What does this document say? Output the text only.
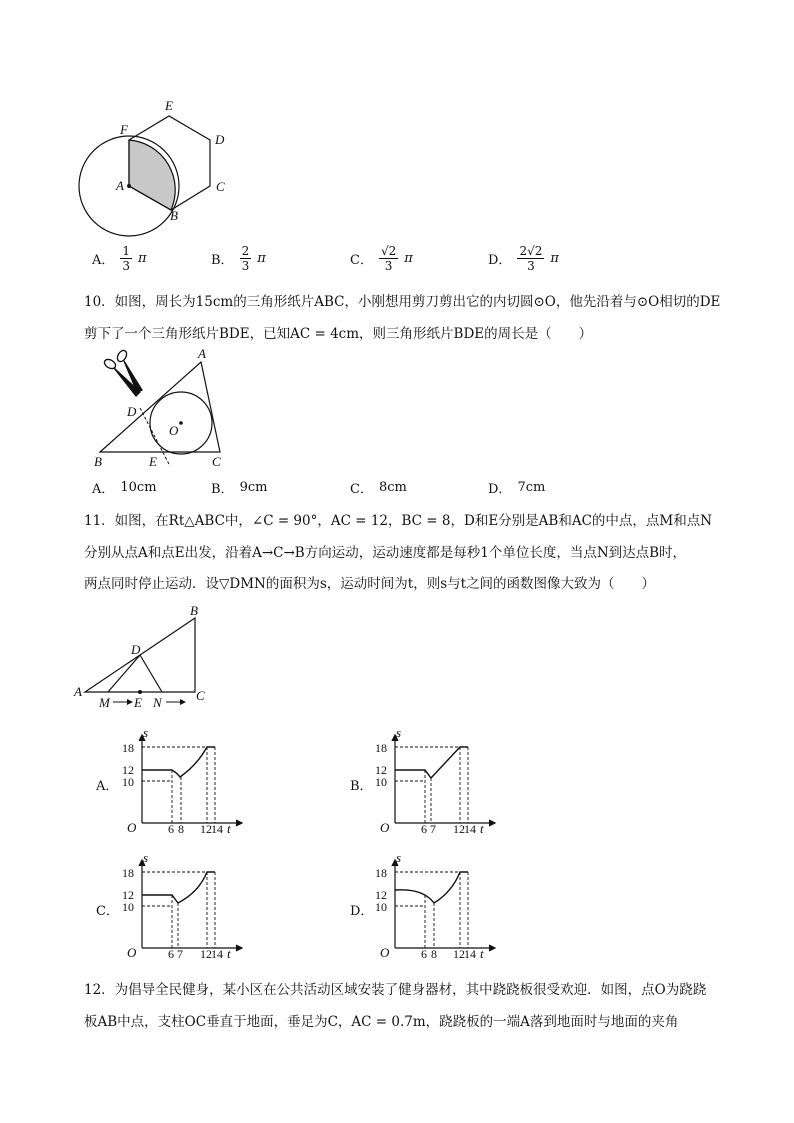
E
F
D
A	C
B
A． $\frac{1}{3}$ π	B． $\frac{2}{3}$ π	C． $\frac{√2}{3}$ π	D． $\frac{2√2}{3}$ π
10．如图，周长为15cm的三角形纸片ABC，小刚想用剪刀剪出它的内切圆⊙O，他先沿着与⊙O相切的DE
剪下了一个三角形纸片BDE，已知AC = 4cm，则三角形纸片BDE的周长是（　　）
A
B	C
D
E
O
A． 10cm	B． 9cm	C． 8cm	D． 7cm
11．如图，在Rt△ABC中，∠C = 90°，AC = 12，BC = 8，D和E分别是AB和AC的中点，点M和点N
分别从点A和点E出发，沿着A→C→B方向运动，运动速度都是每秒1个单位长度，当点N到达点B时，
两点同时停止运动．设▽DMN的面积为s，运动时间为t，则s与t之间的函数图像大致为（　　）
A
B
C
D
E
M	N
A．
s
t
O
18
12
10
6 8 12 14
B．
s
t
O
18
12
10
6 7 12 14
C．
s
t
O
18
12
10
6 7 12 14
D．
s
t
O
18
12
10
6 8 12 14
12．为倡导全民健身，某小区在公共活动区域安装了健身器材，其中跷跷板很受欢迎．如图，点O为跷跷
板AB中点，支柱OC垂直于地面，垂足为C，AC = 0.7m，跷跷板的一端A落到地面时与地面的夹角
